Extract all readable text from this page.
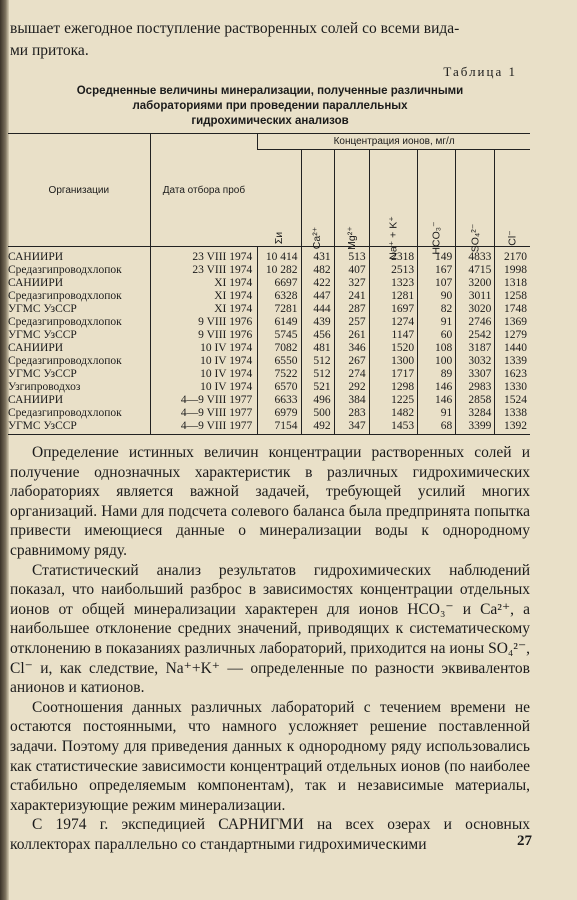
вышает ежегодное поступление растворенных солей со всеми вида-

ми притока.

Таблица 1
Осредненные величины минерализации, полученные различными
лабораториями при проведении параллельных
гидрохимических анализов
Организации	Дата отбора проб	Концентрация ионов, мг/л						
		Σи	Ca²⁺	Mg²⁺	Na⁺ + K⁺	HCO₃⁻	SO₄²⁻	Cl⁻
САНИИРИ	23 VIII 1974	10 414	431	513	2318	149	4833	2170
Средазгипроводхлопок	23 VIII 1974	10 282	482	407	2513	167	4715	1998
САНИИРИ	XI 1974	6697	422	327	1323	107	3200	1318
Средазгипроводхлопок	XI 1974	6328	447	241	1281	90	3011	1258
УГМС УзССР	XI 1974	7281	444	287	1697	82	3020	1748
Средазгипроводхлопок	9 VIII 1976	6149	439	257	1274	91	2746	1369
УГМС УзССР	9 VIII 1976	5745	456	261	1147	60	2542	1279
САНИИРИ	10 IV 1974	7082	481	346	1520	108	3187	1440
Средазгипроводхлопок	10 IV 1974	6550	512	267	1300	100	3032	1339
УГМС УзССР	10 IV 1974	7522	512	274	1717	89	3307	1623
Узгипроводхоз	10 IV 1974	6570	521	292	1298	146	2983	1330
САНИИРИ	4—9 VIII 1977	6633	496	384	1225	146	2858	1524
Средазгипроводхлопок	4—9 VIII 1977	6979	500	283	1482	91	3284	1338
УГМС УзССР	4—9 VIII 1977	7154	492	347	1453	68	3399	1392

Определение истинных величин концентрации растворенных солей и получение однозначных характеристик в различных гидрохимических лабораториях является важной задачей, требующей усилий многих организаций. Нами для подсчета солевого баланса была предпринята попытка привести имеющиеся данные о минерализации воды к однородному сравнимому ряду.

Статистический анализ результатов гидрохимических наблюдений показал, что наибольший разброс в зависимостях концентрации отдельных ионов от общей минерализации характерен для ионов HCO₃⁻ и Ca²⁺, а наибольшее отклонение средних значений, приводящих к систематическому отклонению в показаниях различных лабораторий, приходится на ионы SO₄²⁻, Cl⁻ и, как следствие, Na⁺+K⁺ — определенные по разности эквивалентов анионов и катионов.

Соотношения данных различных лабораторий с течением времени не остаются постоянными, что намного усложняет решение поставленной задачи. Поэтому для приведения данных к однородному ряду использовались как статистические зависимости концентраций отдельных ионов (по наиболее стабильно определяемым компонентам), так и независимые материалы, характеризующие режим минерализации.

С 1974 г. экспедицией САРНИГМИ на всех озерах и основных коллекторах параллельно со стандартными гидрохимическими	27
